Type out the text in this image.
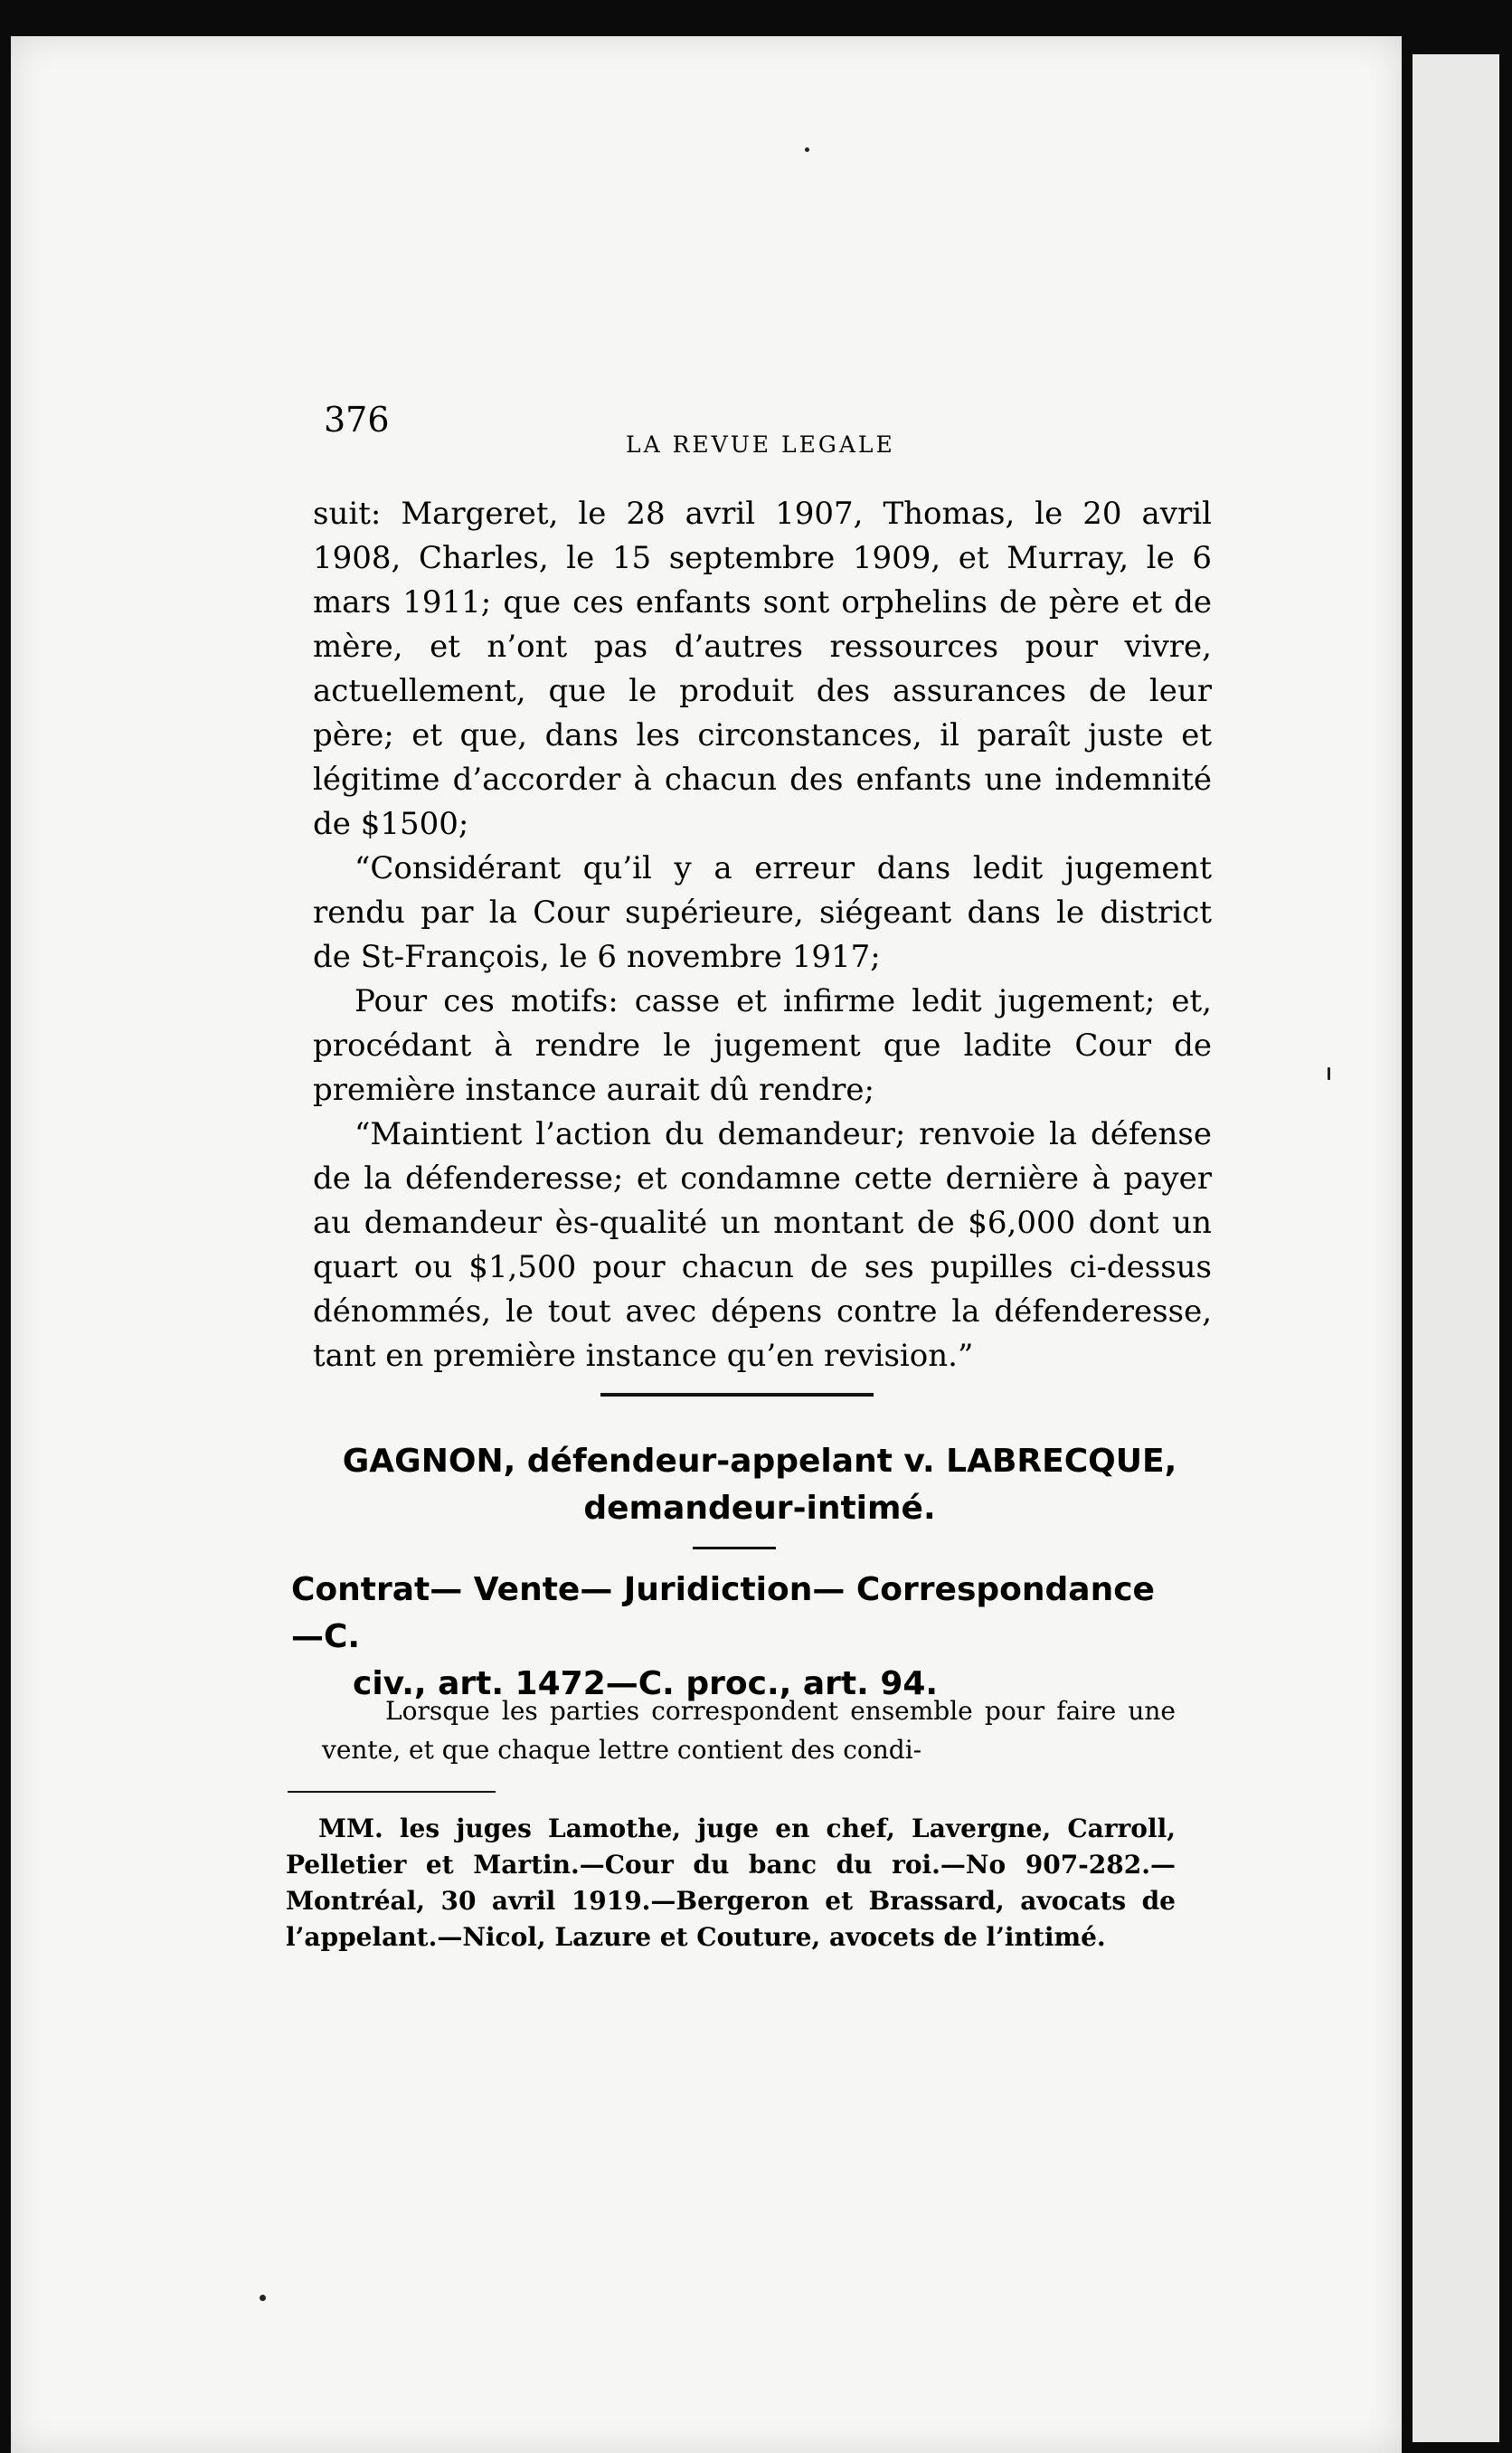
376
LA REVUE LEGALE

suit: Margeret, le 28 avril 1907, Thomas, le 20 avril 1908, Charles, le 15 septembre 1909, et Murray, le 6 mars 1911; que ces enfants sont orphelins de père et de mère, et n’ont pas d’autres ressources pour vivre, actuellement, que le produit des assurances de leur père; et que, dans les circonstances, il paraît juste et légitime d’accorder à chacun des enfants une indemnité de $1500;

“Considérant qu’il y a erreur dans ledit jugement rendu par la Cour supérieure, siégeant dans le district de St-François, le 6 novembre 1917;

Pour ces motifs: casse et infirme ledit jugement; et, procédant à rendre le jugement que ladite Cour de première instance aurait dû rendre;

“Maintient l’action du demandeur; renvoie la défense de la défenderesse; et condamne cette dernière à payer au demandeur ès-qualité un montant de $6,000 dont un quart ou $1,500 pour chacun de ses pupilles ci-dessus dénommés, le tout avec dépens contre la défenderesse, tant en première instance qu’en revision.”

GAGNON, défendeur-appelant v. LABRECQUE,
demandeur-intimé.
Contrat— Vente— Juridiction— Correspondance—C.
civ., art. 1472—C. proc., art. 94.
Lorsque les parties correspondent ensemble pour faire une vente, et que chaque lettre contient des condi-

MM. les juges Lamothe, juge en chef, Lavergne, Carroll, Pelletier et Martin.—Cour du banc du roi.—No 907-282.—Montréal, 30 avril 1919.—Bergeron et Brassard, avocats de l’appelant.—Nicol, Lazure et Couture, avocets de l’intimé.
